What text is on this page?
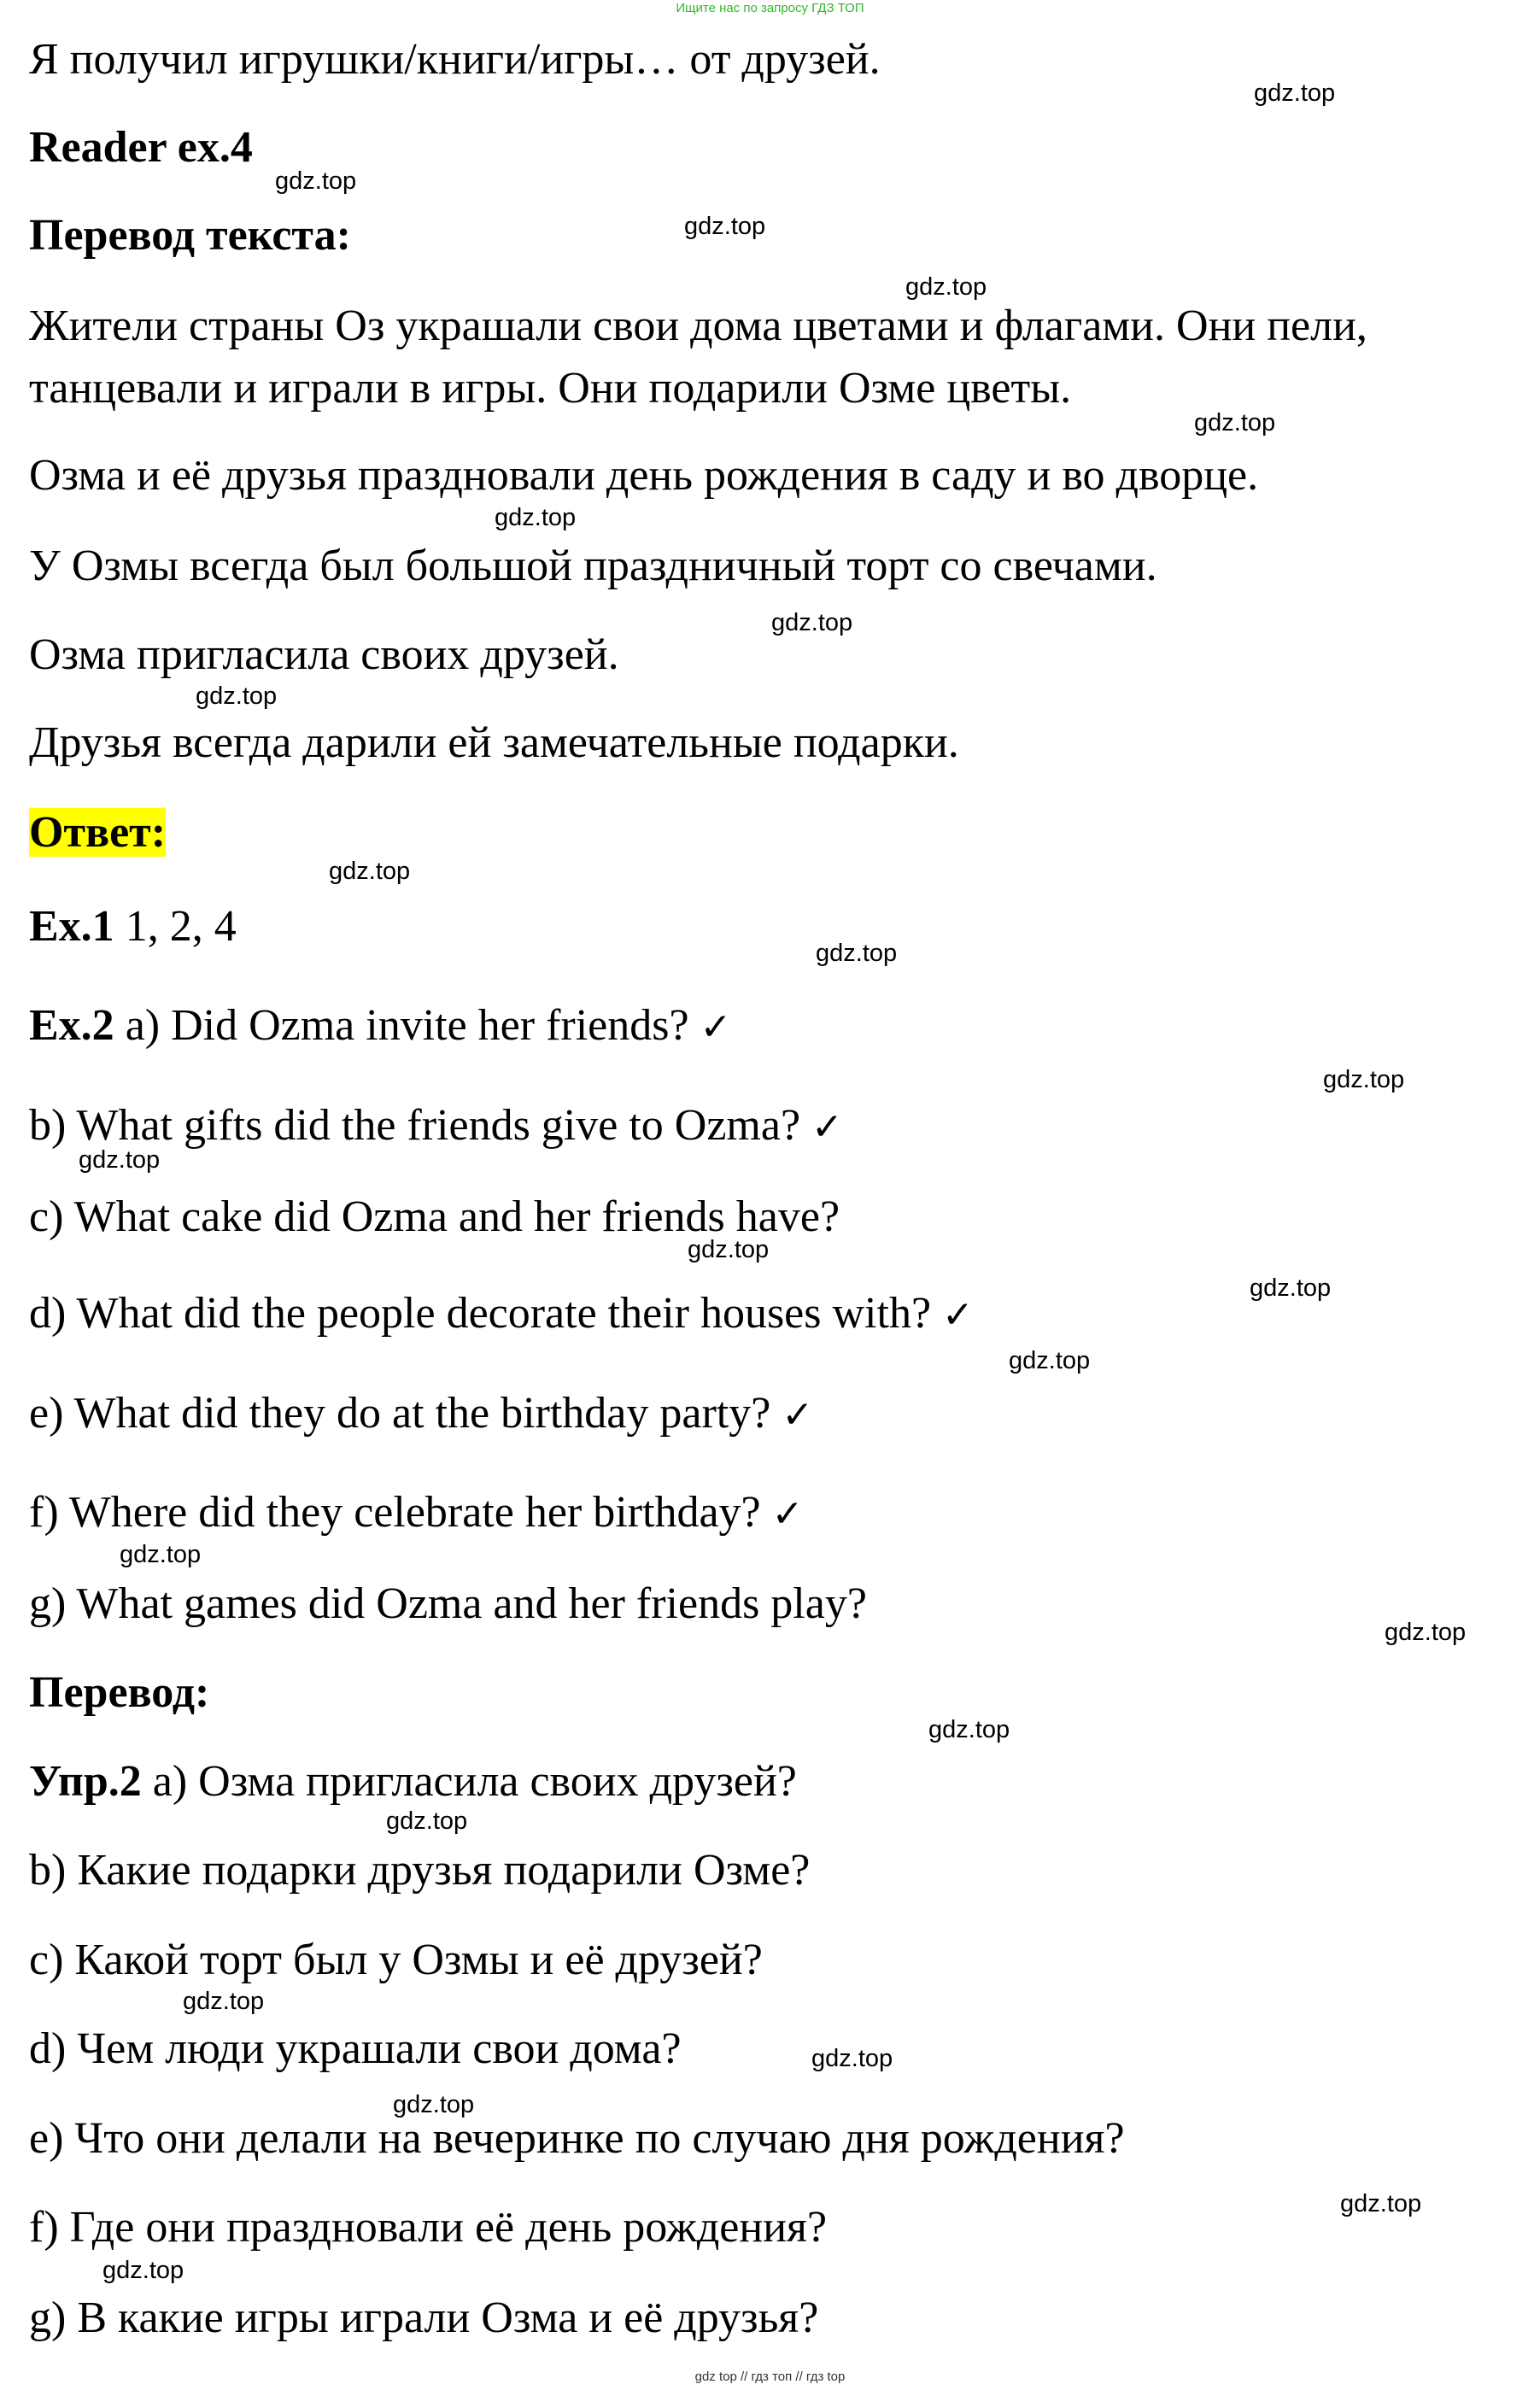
Ищите нас по запросу ГДЗ ТОП
Я получил игрушки/книги/игры… от друзей.
Reader ex.4
Перевод текста:
Жители страны Оз украшали свои дома цветами и флагами. Они пели,
танцевали и играли в игры. Они подарили Озме цветы.
Озма и её друзья праздновали день рождения в саду и во дворце.
У Озмы всегда был большой праздничный торт со свечами.
Озма пригласила своих друзей.
Друзья всегда дарили ей замечательные подарки.
Ответ:
Ex.1 1, 2, 4
Ex.2 a) Did Ozma invite her friends? ✓
b) What gifts did the friends give to Ozma? ✓
c) What cake did Ozma and her friends have?
d) What did the people decorate their houses with? ✓
e) What did they do at the birthday party? ✓
f) Where did they celebrate her birthday? ✓
g) What games did Ozma and her friends play?
Перевод:
Упр.2 а) Озма пригласила своих друзей?
b) Какие подарки друзья подарили Озме?
c) Какой торт был у Озмы и её друзей?
d) Чем люди украшали свои дома?
e) Что они делали на вечеринке по случаю дня рождения?
f) Где они праздновали её день рождения?
g) В какие игры играли Озма и её друзья?
gdz.top
gdz.top
gdz.top
gdz.top
gdz.top
gdz.top
gdz.top
gdz.top
gdz.top
gdz.top
gdz.top
gdz.top
gdz.top
gdz.top
gdz.top
gdz.top
gdz.top
gdz.top
gdz.top
gdz.top
gdz.top
gdz.top
gdz.top
gdz.top
gdz top // гдз топ // гдз top
